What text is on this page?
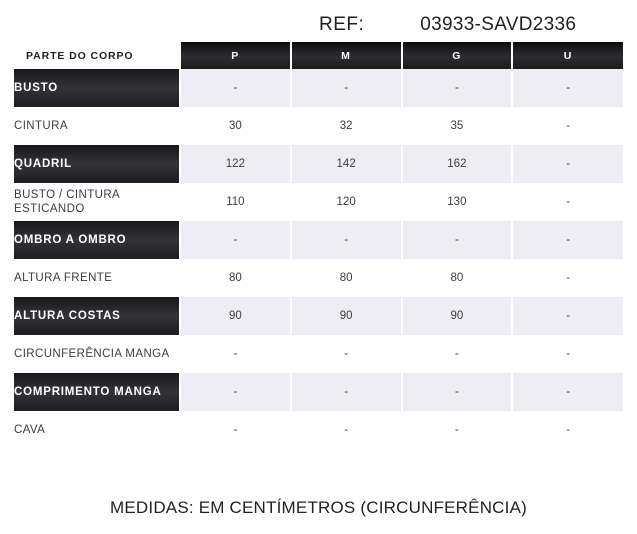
REF:	03933-SAVD2336
PARTE DO CORPO	P	M	G	U
BUSTO	-	-	-	-
CINTURA	30	32	35	-
QUADRIL	122	142	162	-
BUSTO / CINTURA ESTICANDO	110	120	130	-
OMBRO A OMBRO	-	-	-	-
ALTURA FRENTE	80	80	80	-
ALTURA COSTAS	90	90	90	-
CIRCUNFERÊNCIA MANGA	-	-	-	-
COMPRIMENTO MANGA	-	-	-	-
CAVA	-	-	-	-
MEDIDAS: EM CENTÍMETROS (CIRCUNFERÊNCIA)
